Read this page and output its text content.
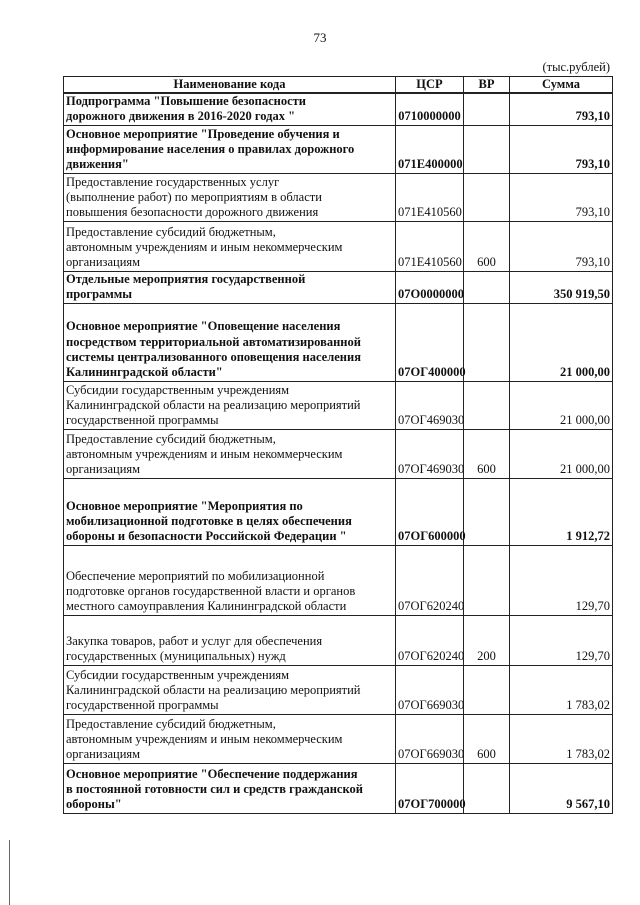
73
(тыс.рублей)
Наименование кода	ЦСР	ВР	Сумма
Подпрограмма "Повышение безопасности
дорожного движения в 2016-2020 годах "	0710000000		793,10
Основное мероприятие "Проведение обучения и
информирование населения о правилах дорожного
движения"	071E400000		793,10
Предоставление государственных услуг
(выполнение работ) по мероприятиям в области
повышения безопасности дорожного движения	071E410560		793,10
Предоставление субсидий бюджетным,
автономным учреждениям и иным некоммерческим
организациям	071E410560	600	793,10
Отдельные мероприятия государственной
программы	07О0000000		350 919,50
Основное мероприятие "Оповещение населения
посредством территориальной автоматизированной
системы централизованного оповещения населения
Калининградской области"	07ОГ400000		21 000,00
Субсидии государственным учреждениям
Калининградской области на реализацию мероприятий
государственной программы	07ОГ469030		21 000,00
Предоставление субсидий бюджетным,
автономным учреждениям и иным некоммерческим
организациям	07ОГ469030	600	21 000,00
Основное мероприятие "Мероприятия по
мобилизационной подготовке в целях обеспечения
обороны и безопасности Российской Федерации "	07ОГ600000		1 912,72
Обеспечение мероприятий по мобилизационной
подготовке органов государственной власти и органов
местного самоуправления Калининградской области	07ОГ620240		129,70
Закупка товаров, работ и услуг для обеспечения
государственных (муниципальных) нужд	07ОГ620240	200	129,70
Субсидии государственным учреждениям
Калининградской области на реализацию мероприятий
государственной программы	07ОГ669030		1 783,02
Предоставление субсидий бюджетным,
автономным учреждениям и иным некоммерческим
организациям	07ОГ669030	600	1 783,02
Основное мероприятие "Обеспечение поддержания
в постоянной готовности сил и средств гражданской
обороны"	07ОГ700000		9 567,10
